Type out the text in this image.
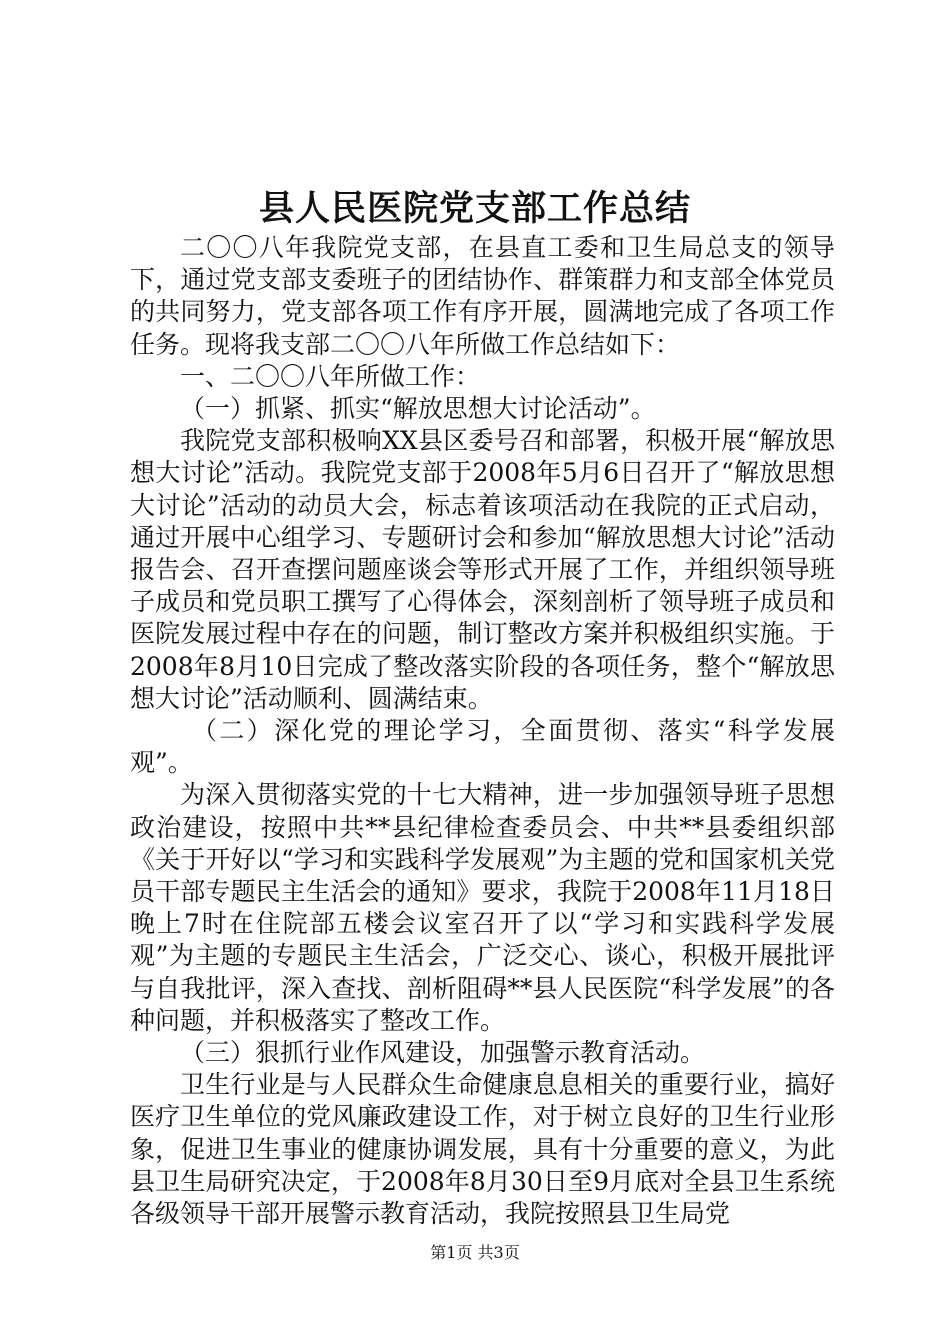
县人民医院党支部工作总结

二〇〇八年我院党支部，在县直工委和卫生局总支的领导下，通过党支部支委班子的团结协作、群策群力和支部全体党员的共同努力，党支部各项工作有序开展，圆满地完成了各项工作任务。现将我支部二〇〇八年所做工作总结如下：

一、二〇〇八年所做工作：

（一）抓紧、抓实“解放思想大讨论活动”。

我院党支部积极响XX县区委号召和部署，积极开展“解放思想大讨论”活动。我院党支部于2008年5月6日召开了“解放思想大讨论”活动的动员大会，标志着该项活动在我院的正式启动，通过开展中心组学习、专题研讨会和参加“解放思想大讨论”活动报告会、召开查摆问题座谈会等形式开展了工作，并组织领导班子成员和党员职工撰写了心得体会，深刻剖析了领导班子成员和医院发展过程中存在的问题，制订整改方案并积极组织实施。于2008年8月10日完成了整改落实阶段的各项任务，整个“解放思想大讨论”活动顺利、圆满结束。

（二）深化党的理论学习，全面贯彻、落实“科学发展观”。

为深入贯彻落实党的十七大精神，进一步加强领导班子思想政治建设，按照中共**县纪律检查委员会、中共**县委组织部《关于开好以“学习和实践科学发展观”为主题的党和国家机关党员干部专题民主生活会的通知》要求，我院于2008年11月18日晚上7时在住院部五楼会议室召开了以“学习和实践科学发展观”为主题的专题民主生活会，广泛交心、谈心，积极开展批评与自我批评，深入查找、剖析阻碍**县人民医院“科学发展”的各种问题，并积极落实了整改工作。

（三）狠抓行业作风建设，加强警示教育活动。

卫生行业是与人民群众生命健康息息相关的重要行业，搞好医疗卫生单位的党风廉政建设工作，对于树立良好的卫生行业形象，促进卫生事业的健康协调发展，具有十分重要的意义，为此县卫生局研究决定，于2008年8月30日至9月底对全县卫生系统各级领导干部开展警示教育活动，我院按照县卫生局党

第1页 共3页
